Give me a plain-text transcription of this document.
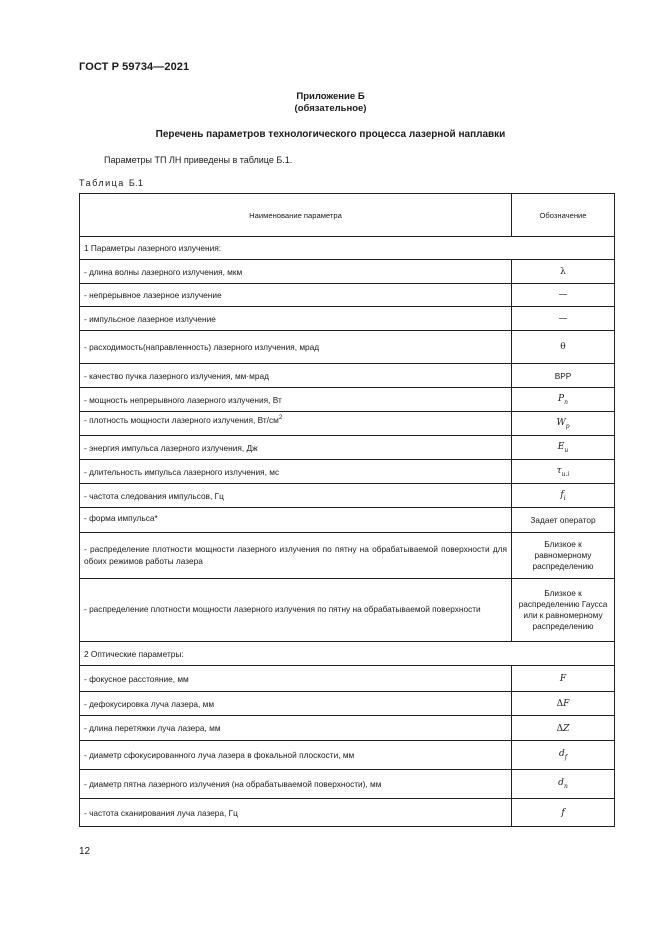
ГОСТ Р 59734—2021
Приложение Б
(обязательное)
Перечень параметров технологического процесса лазерной наплавки
Параметры ТП ЛН приведены в таблице Б.1.
Таблица Б.1
Наименование параметра	Обозначение
1 Параметры лазерного излучения:	
- длина волны лазерного излучения, мкм	λ
- непрерывное лазерное излучение	—
- импульсное лазерное излучение	—
- расходимость(направленность) лазерного излучения, мрад	θ
- качество пучка лазерного излучения, мм·мрад	BPP
- мощность непрерывного лазерного излучения, Вт	$P_п$
- плотность мощности лазерного излучения, $Вт/см^2$	$W_р$
- энергия импульса лазерного излучения, Дж	$E_и$
- длительность импульса лазерного излучения, мс	$\tau_{и.i}$
- частота следования импульсов, Гц	$f_i$
- форма импульса*	Задает оператор
- распределение плотности мощности лазерного излучения по пятну на обрабатываемой поверхности для обоих режимов работы лазера	Близкое к равномерному распределению
- распределение плотности мощности лазерного излучения по пятну на обрабатываемой поверхности	Близкое к распределению Гаусса или к равномерному распределению
2 Оптические параметры:	
- фокусное расстояние, мм	F
- дефокусировка луча лазера, мм	ΔF
- длина перетяжки луча лазера, мм	ΔZ
- диаметр сфокусированного луча лазера в фокальной плоскости, мм	$d_f$
- диаметр пятна лазерного излучения (на обрабатываемой поверхности), мм	$d_п$
- частота сканирования луча лазера, Гц	f
12
